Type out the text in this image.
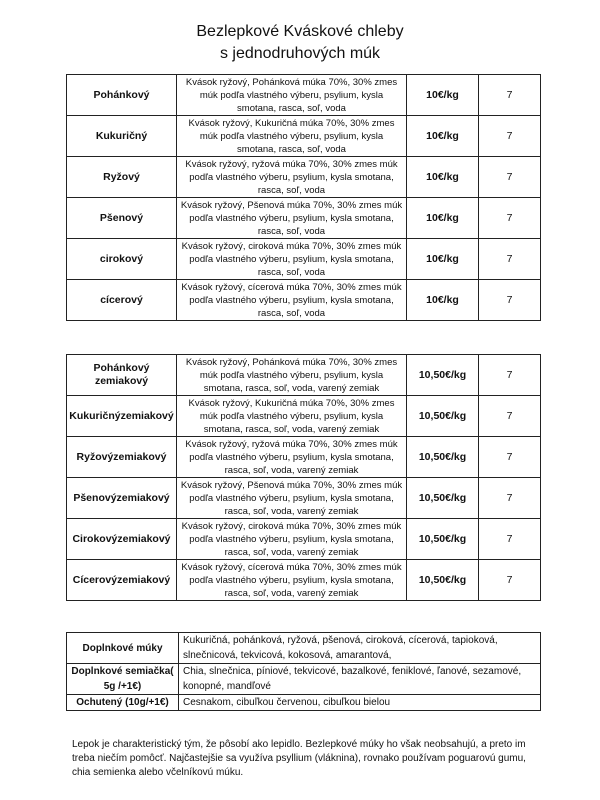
Bezlepkové Kváskové chleby
s jednodruhových múk
Pohánkový	Kvások ryžový, Pohánková múka 70%, 30% zmes múk podľa vlastného výberu, psylium, kysla smotana, rasca, soľ, voda	10€/kg	7
Kukuričný	Kvások ryžový, Kukuričná múka 70%, 30% zmes múk podľa vlastného výberu, psylium, kysla smotana, rasca, soľ, voda	10€/kg	7
Ryžový	Kvások ryžový, ryžová múka 70%, 30% zmes múk podľa vlastného výberu, psylium, kysla smotana, rasca, soľ, voda	10€/kg	7
Pšenový	Kvások ryžový, Pšenová múka 70%, 30% zmes múk podľa vlastného výberu, psylium, kysla smotana, rasca, soľ, voda	10€/kg	7
cirokový	Kvások ryžový, ciroková múka 70%, 30% zmes múk podľa vlastného výberu, psylium, kysla smotana, rasca, soľ, voda	10€/kg	7
cícerový	Kvások ryžový, cícerová múka 70%, 30% zmes múk podľa vlastného výberu, psylium, kysla smotana, rasca, soľ, voda	10€/kg	7
Pohánkový zemiakový	Kvások ryžový, Pohánková múka 70%, 30% zmes múk podľa vlastného výberu, psylium, kysla smotana, rasca, soľ, voda, varený zemiak	10,50€/kg	7
Kukuričnýzemiakový	Kvások ryžový, Kukuričná múka 70%, 30% zmes múk podľa vlastného výberu, psylium, kysla smotana, rasca, soľ, voda, varený zemiak	10,50€/kg	7
Ryžovýzemiakový	Kvások ryžový, ryžová múka 70%, 30% zmes múk podľa vlastného výberu, psylium, kysla smotana, rasca, soľ, voda, varený zemiak	10,50€/kg	7
Pšenovýzemiakový	Kvások ryžový, Pšenová múka 70%, 30% zmes múk podľa vlastného výberu, psylium, kysla smotana, rasca, soľ, voda, varený zemiak	10,50€/kg	7
Cirokovýzemiakový	Kvások ryžový, ciroková múka 70%, 30% zmes múk podľa vlastného výberu, psylium, kysla smotana, rasca, soľ, voda, varený zemiak	10,50€/kg	7
Cícerovýzemiakový	Kvások ryžový, cícerová múka 70%, 30% zmes múk podľa vlastného výberu, psylium, kysla smotana, rasca, soľ, voda, varený zemiak	10,50€/kg	7
Doplnkové múky	Kukuričná, pohánková, ryžová, pšenová, ciroková, cícerová, tapioková, slnečnicová, tekvicová, kokosová, amarantová,
Doplnkové semiačka( 5g /+1€)	Chia, slnečnica, píniové, tekvicové, bazalkové, feniklové, ľanové, sezamové, konopné, mandľové
Ochutený (10g/+1€)	Cesnakom, cibuľkou červenou, cibuľkou bielou
Lepok je charakteristický tým, že pôsobí ako lepidlo. Bezlepkové múky ho však neobsahujú, a preto im treba niečím pomôcť. Najčastejšie sa využíva psyllium (vláknina), rovnako používam poguarovú gumu, chia semienka alebo včelníkovú múku.
